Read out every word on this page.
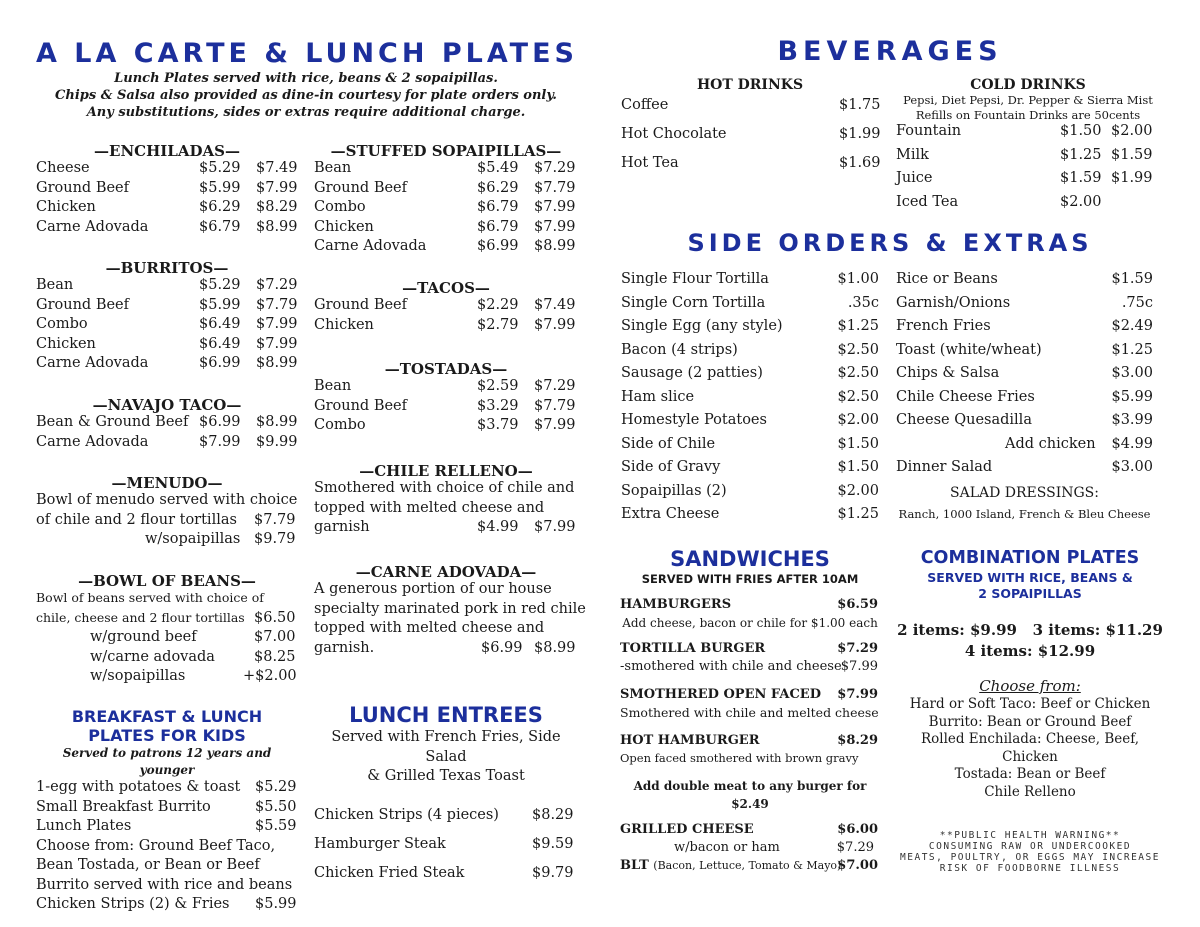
A LA CARTE & LUNCH PLATES
Lunch Plates served with rice, beans & 2 sopaipillas.
Chips & Salsa also provided as dine-in courtesy for plate orders only.
Any substitutions, sides or extras require additional charge.
—ENCHILADAS—
Cheese	$5.29 $7.49
Ground Beef	$5.99 $7.99
Chicken	$6.29 $8.29
Carne Adovada	$6.79 $8.99
—BURRITOS—
Bean	$5.29 $7.29
Ground Beef	$5.99 $7.79
Combo	$6.49 $7.99
Chicken	$6.49 $7.99
Carne Adovada	$6.99 $8.99
—NAVAJO TACO—
Bean & Ground Beef $6.99 $8.99
Carne Adovada	$7.99 $9.99
—MENUDO—
Bowl of menudo served with choice
of chile and 2 flour tortillas $7.79
w/sopaipillas $9.79
—BOWL OF BEANS—
Bowl of beans served with choice of
chile, cheese and 2 flour tortillas $6.50
w/ground beef	$7.00
w/carne adovada	$8.25
w/sopaipillas	+$2.00
BREAKFAST & LUNCH
PLATES FOR KIDS
Served to patrons 12 years and younger
1-egg with potatoes & toast $5.29
Small Breakfast Burrito	$5.50
Lunch Plates	$5.59
Choose from: Ground Beef Taco,
Bean Tostada, or Bean or Beef
Burrito served with rice and beans
Chicken Strips (2) & Fries $5.99
—STUFFED SOPAIPILLAS—
Bean	$5.49 $7.29
Ground Beef	$6.29 $7.79
Combo	$6.79 $7.99
Chicken	$6.79 $7.99
Carne Adovada	$6.99 $8.99
—TACOS—
Ground Beef	$2.29 $7.49
Chicken	$2.79 $7.99
—TOSTADAS—
Bean	$2.59 $7.29
Ground Beef	$3.29 $7.79
Combo	$3.79 $7.99
—CHILE RELLENO—
Smothered with choice of chile and
topped with melted cheese and
garnish	$4.99 $7.99
—CARNE ADOVADA—
A generous portion of our house
specialty marinated pork in red chile
topped with melted cheese and
garnish.	$6.99 $8.99
LUNCH ENTREES
Served with French Fries, Side Salad
& Grilled Texas Toast
Chicken Strips (4 pieces) $8.29
Hamburger Steak	$9.59
Chicken Fried Steak	$9.79
BEVERAGES
HOT DRINKS
Coffee	$1.75
Hot Chocolate	$1.99
Hot Tea	$1.69
COLD DRINKS
Pepsi, Diet Pepsi, Dr. Pepper & Sierra Mist
Refills on Fountain Drinks are 50cents
Fountain	$1.50 $2.00
Milk	$1.25 $1.59
Juice	$1.59 $1.99
Iced Tea	$2.00
SIDE ORDERS & EXTRAS
Single Flour Tortilla	$1.00
Single Corn Tortilla	.35c
Single Egg (any style)	$1.25
Bacon (4 strips)	$2.50
Sausage (2 patties)	$2.50
Ham slice	$2.50
Homestyle Potatoes	$2.00
Side of Chile	$1.50
Side of Gravy	$1.50
Sopaipillas (2)	$2.00
Extra Cheese	$1.25
Rice or Beans	$1.59
Garnish/Onions	.75c
French Fries	$2.49
Toast (white/wheat)	$1.25
Chips & Salsa	$3.00
Chile Cheese Fries	$5.99
Cheese Quesadilla	$3.99
Add chicken $4.99
Dinner Salad	$3.00
SALAD DRESSINGS:
Ranch, 1000 Island, French & Bleu Cheese
SANDWICHES
SERVED WITH FRIES AFTER 10AM
HAMBURGERS	$6.59
Add cheese, bacon or chile for $1.00 each
TORTILLA BURGER	$7.29
-smothered with chile and cheese $7.99
SMOTHERED OPEN FACED $7.99
Smothered with chile and melted cheese
HOT HAMBURGER	$8.29
Open faced smothered with brown gravy
Add double meat to any burger for $2.49
GRILLED CHEESE	$6.00
w/bacon or ham	$7.29
BLT (Bacon, Lettuce, Tomato & Mayo)
$7.00
COMBINATION PLATES
SERVED WITH RICE, BEANS &
2 SOPAIPILLAS
2 items: $9.99   3 items: $11.29
4 items: $12.99
Choose from:
Hard or Soft Taco: Beef or Chicken
Burrito: Bean or Ground Beef
Rolled Enchilada: Cheese, Beef, Chicken
Tostada: Bean or Beef
Chile Relleno
**PUBLIC HEALTH WARNING**
CONSUMING RAW OR UNDERCOOKED
MEATS, POULTRY, OR EGGS MAY INCREASE
RISK OF FOODBORNE ILLNESS
